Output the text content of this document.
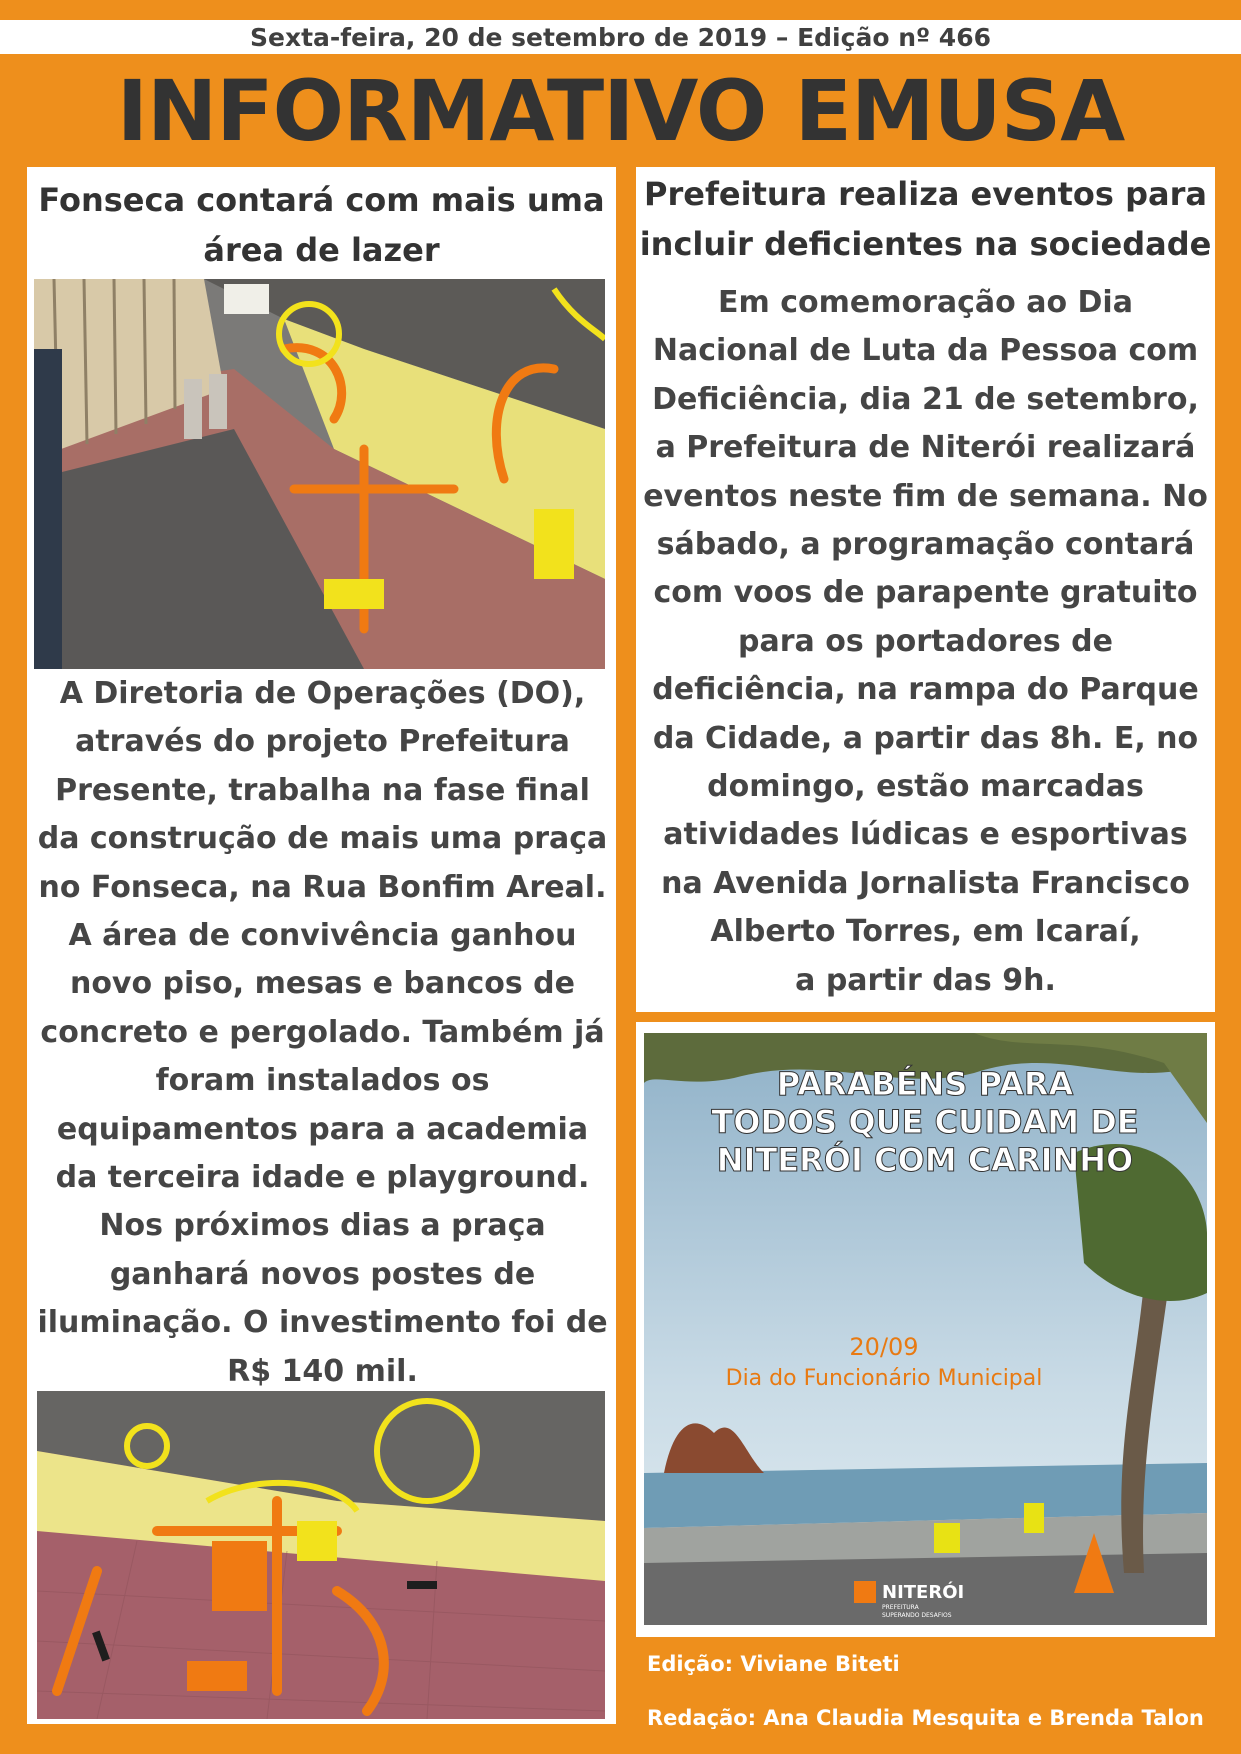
Sexta-feira, 20 de setembro de 2019 – Edição nº 466
INFORMATIVO EMUSA

Fonseca contará com mais uma área de lazer

A Diretoria de Operações (DO), através do projeto Prefeitura Presente, trabalha na fase final da construção de mais uma praça no Fonseca, na Rua Bonfim Areal. A área de convivência ganhou novo piso, mesas e bancos de concreto e pergolado. Também já foram instalados os equipamentos para a academia da terceira idade e playground. Nos próximos dias a praça ganhará novos postes de iluminação. O investimento foi de R$ 140 mil.

Prefeitura realiza eventos para incluir deficientes na sociedade

Em comemoração ao Dia Nacional de Luta da Pessoa com Deficiência, dia 21 de setembro, a Prefeitura de Niterói realizará eventos neste fim de semana. No sábado, a programação contará com voos de parapente gratuito para os portadores de deficiência, na rampa do Parque da Cidade, a partir das 8h. E, no domingo, estão marcadas atividades lúdicas e esportivas na Avenida Jornalista Francisco Alberto Torres, em Icaraí,

a partir das 9h.

PARABÉNS PARA
TODOS QUE CUIDAM DE
NITERÓI COM CARINHO
20/09
Dia do Funcionário Municipal
NITERÓI
PREFEITURA
SUPERANDO DESAFIOS
Edição: Viviane Biteti
Redação: Ana Claudia Mesquita e Brenda Talon
